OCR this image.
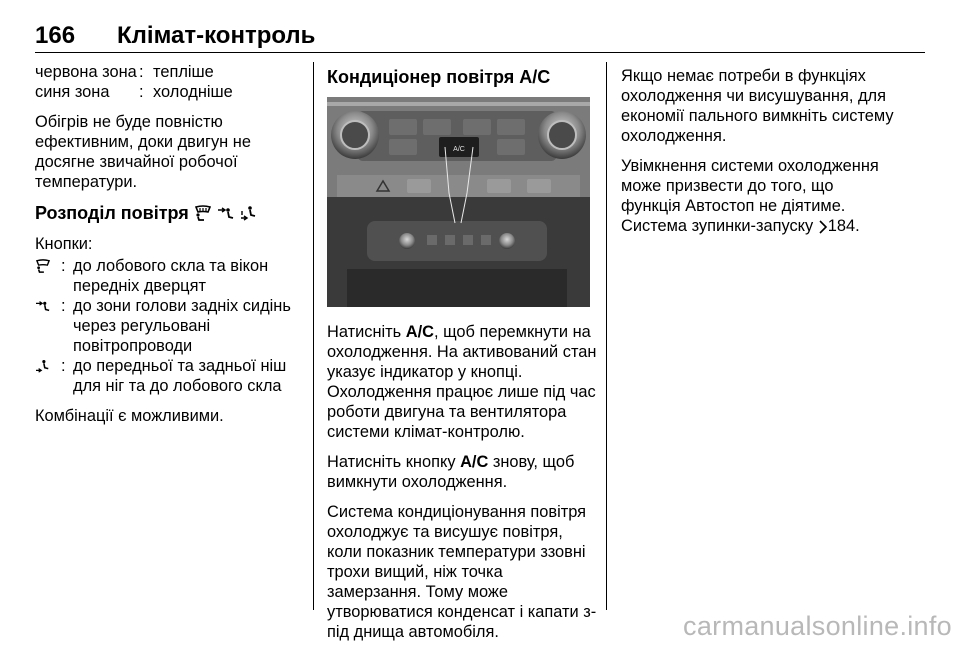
166 Клімат-контроль
червона зона : тепліше
синя зона	: холодніше

Обігрів не буде повністю
ефективним, доки двигун не
досягне звичайної робочої
температури.

Розподіл повітря

Кнопки:

: до лобового скла та вікон
передніх дверцят
: до зони голови задніх сидінь
через регульовані
повітропроводи
: до передньої та задньої ніш
для ніг та до лобового скла

Комбінації є можливими.

Кондиціонер повітря A/C
A/C

Натисніть A/C, щоб перемкнути на
охолодження. На активований стан
указує індикатор у кнопці.
Охолодження працює лише під час
роботи двигуна та вентилятора
системи клімат-контролю.

Натисніть кнопку A/C знову, щоб
вимкнути охолодження.

Система кондиціонування повітря
охолоджує та висушує повітря,
коли показник температури ззовні
трохи вищий, ніж точка
замерзання. Тому може
утворюватися конденсат і капати з-
під днища автомобіля.

Якщо немає потреби в функціях
охолодження чи висушування, для
економії пального вимкніть систему
охолодження.

Увімкнення системи охолодження
може призвести до того, що
функція Автостоп не діятиме.
Система зупинки-запуску 184.

carmanualsonline.info
